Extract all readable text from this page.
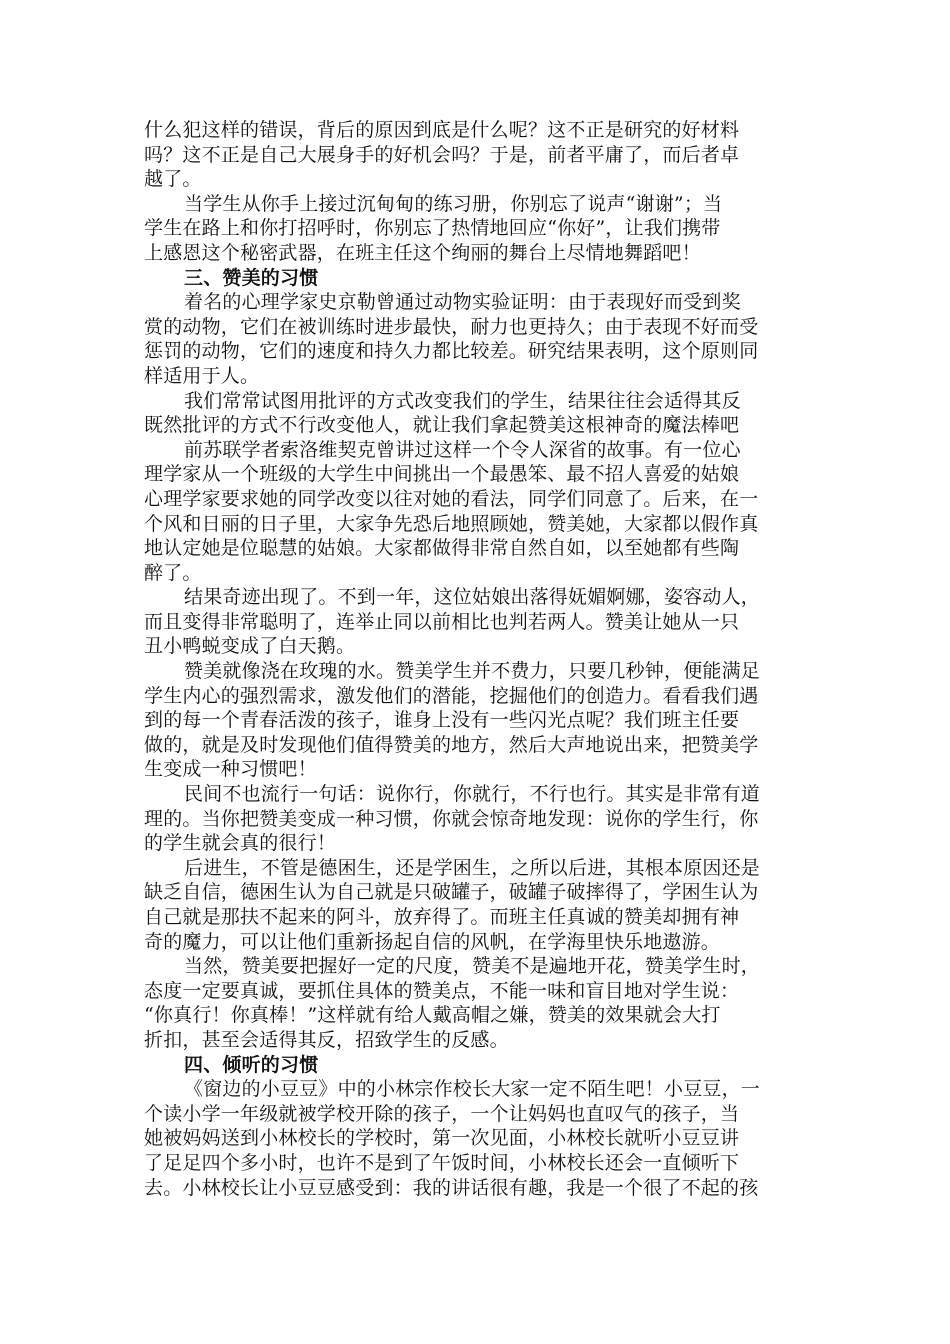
什么犯这样的错误，背后的原因到底是什么呢？这不正是研究的好材料
吗？这不正是自己大展身手的好机会吗？于是，前者平庸了，而后者卓
越了。
当学生从你手上接过沉甸甸的练习册，你别忘了说声“谢谢”；当
学生在路上和你打招呼时，你别忘了热情地回应“你好”，让我们携带
上感恩这个秘密武器，在班主任这个绚丽的舞台上尽情地舞蹈吧！
三、赞美的习惯
着名的心理学家史京勒曾通过动物实验证明：由于表现好而受到奖
赏的动物，它们在被训练时进步最快，耐力也更持久；由于表现不好而受
惩罚的动物，它们的速度和持久力都比较差。研究结果表明，这个原则同
样适用于人。
我们常常试图用批评的方式改变我们的学生，结果往往会适得其反
既然批评的方式不行改变他人，就让我们拿起赞美这根神奇的魔法棒吧
前苏联学者索洛维契克曾讲过这样一个令人深省的故事。有一位心
理学家从一个班级的大学生中间挑出一个最愚笨、最不招人喜爱的姑娘
心理学家要求她的同学改变以往对她的看法，同学们同意了。后来，在一
个风和日丽的日子里，大家争先恐后地照顾她，赞美她，大家都以假作真
地认定她是位聪慧的姑娘。大家都做得非常自然自如，以至她都有些陶
醉了。
结果奇迹出现了。不到一年，这位姑娘出落得妩媚婀娜，姿容动人，
而且变得非常聪明了，连举止同以前相比也判若两人。赞美让她从一只
丑小鸭蜕变成了白天鹅。
赞美就像浇在玫瑰的水。赞美学生并不费力，只要几秒钟，便能满足
学生内心的强烈需求，激发他们的潜能，挖掘他们的创造力。看看我们遇
到的每一个青春活泼的孩子，谁身上没有一些闪光点呢？我们班主任要
做的，就是及时发现他们值得赞美的地方，然后大声地说出来，把赞美学
生变成一种习惯吧！
民间不也流行一句话：说你行，你就行，不行也行。其实是非常有道
理的。当你把赞美变成一种习惯，你就会惊奇地发现：说你的学生行，你
的学生就会真的很行！
后进生，不管是德困生，还是学困生，之所以后进，其根本原因还是
缺乏自信，德困生认为自己就是只破罐子，破罐子破摔得了，学困生认为
自己就是那扶不起来的阿斗，放弃得了。而班主任真诚的赞美却拥有神
奇的魔力，可以让他们重新扬起自信的风帆，在学海里快乐地遨游。
当然，赞美要把握好一定的尺度，赞美不是遍地开花，赞美学生时，
态度一定要真诚，要抓住具体的赞美点，不能一味和盲目地对学生说：
“你真行！你真棒！”这样就有给人戴高帽之嫌，赞美的效果就会大打
折扣，甚至会适得其反，招致学生的反感。
四、倾听的习惯
《窗边的小豆豆》中的小林宗作校长大家一定不陌生吧！小豆豆，一
个读小学一年级就被学校开除的孩子，一个让妈妈也直叹气的孩子，当
她被妈妈送到小林校长的学校时，第一次见面，小林校长就听小豆豆讲
了足足四个多小时，也许不是到了午饭时间，小林校长还会一直倾听下
去。小林校长让小豆豆感受到：我的讲话很有趣，我是一个很了不起的孩
